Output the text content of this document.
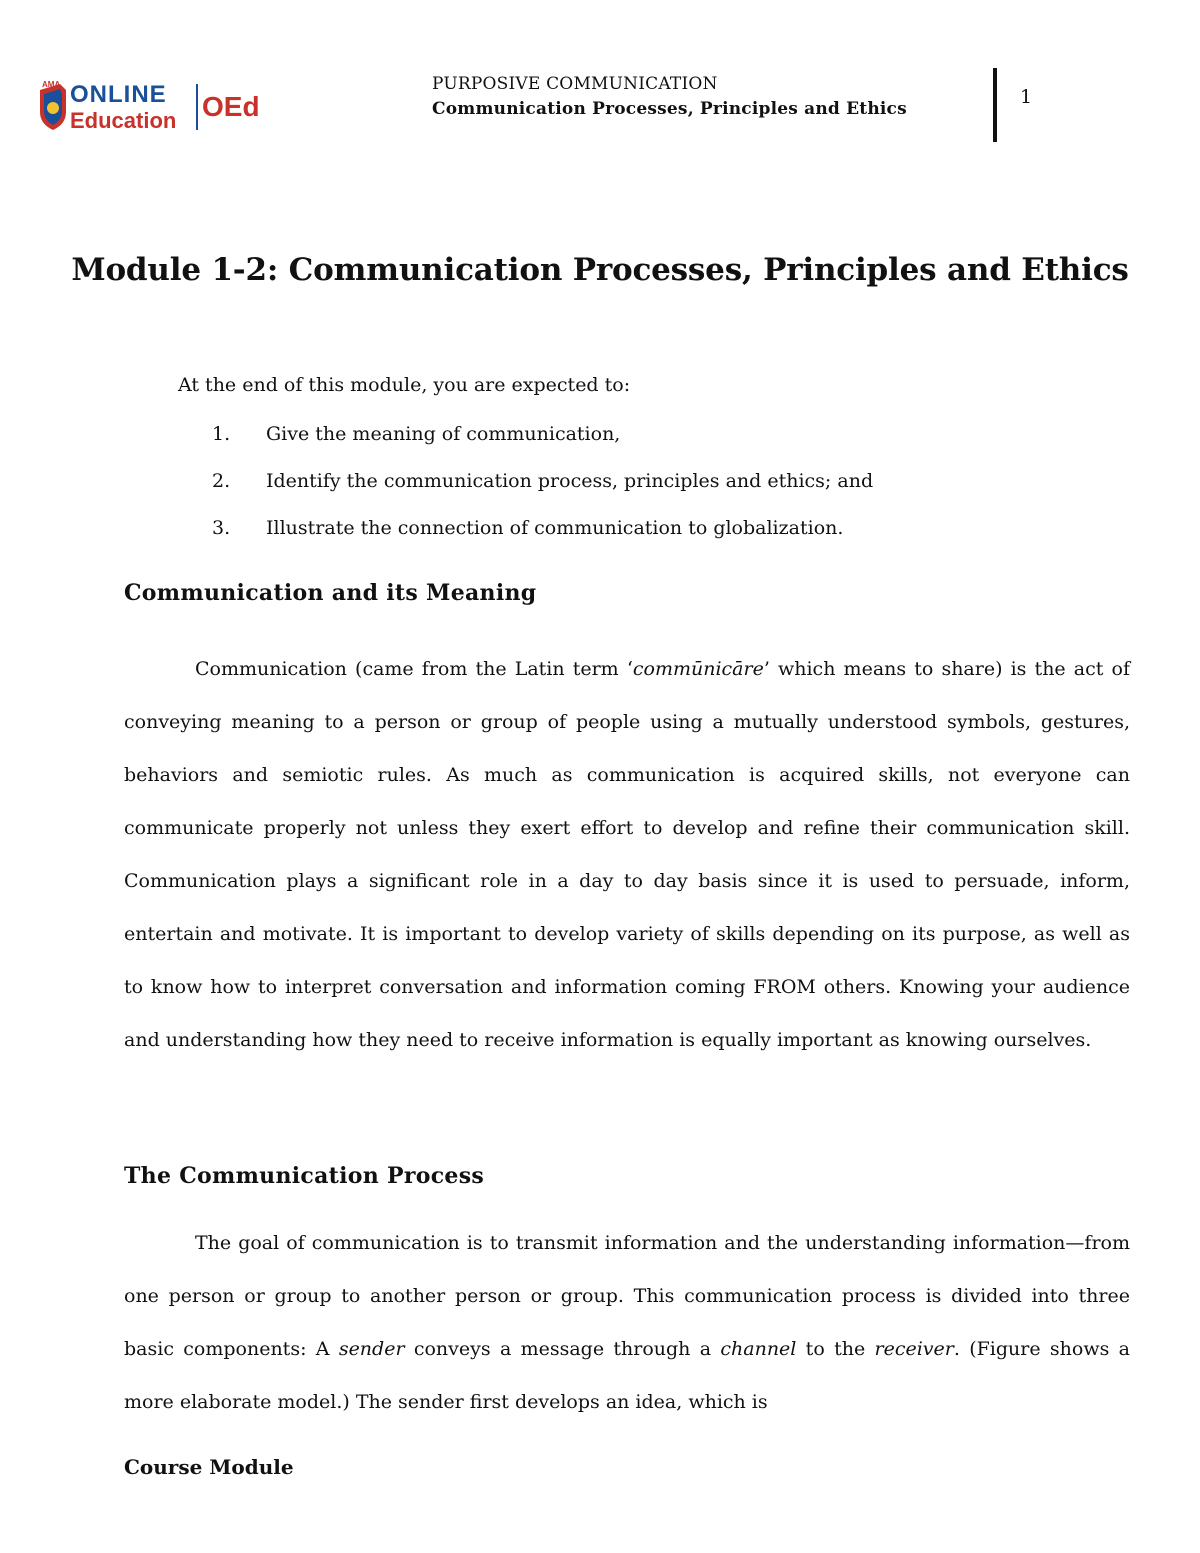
AMA ONLINE
Education OEd
PURPOSIVE COMMUNICATION
Communication Processes, Principles and Ethics
1
Module 1-2: Communication Processes, Principles and Ethics
At the end of this module, you are expected to:
1.	Give the meaning of communication,
2.	Identify the communication process, principles and ethics; and
3.	Illustrate the connection of communication to globalization.
Communication and its Meaning

Communication (came from the Latin term ‘commūnicāre’ which means to share) is the act of conveying meaning to a person or group of people using a mutually understood symbols, gestures, behaviors and semiotic rules. As much as communication is acquired skills, not everyone can communicate properly not unless they exert effort to develop and refine their communication skill. Communication plays a significant role in a day to day basis since it is used to persuade, inform, entertain and motivate. It is important to develop variety of skills depending on its purpose, as well as to know how to interpret conversation and information coming FROM others. Knowing your audience and understanding how they need to receive information is equally important as knowing ourselves.

The Communication Process

The goal of communication is to transmit information and the understanding information—from one person or group to another person or group. This communication process is divided into three basic components: A sender conveys a message through a channel to the receiver. (Figure shows a more elaborate model.) The sender first develops an idea, which is

Course Module
